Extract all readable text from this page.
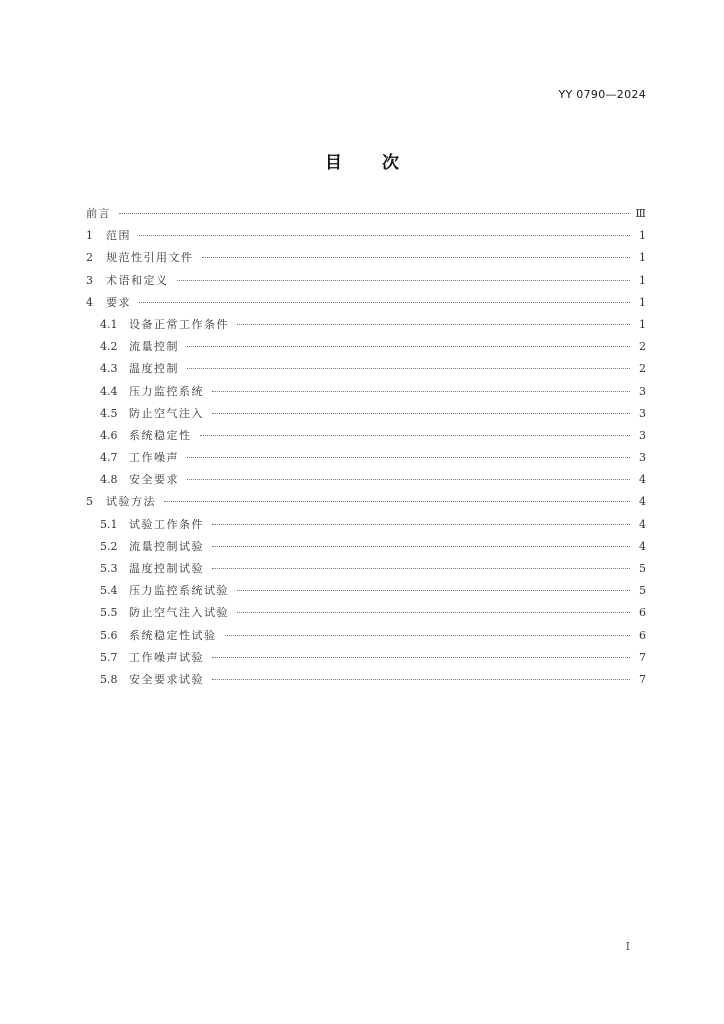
YY 0790—2024
目次
前言	Ⅲ
1	范围	1
2	规范性引用文件	1
3	术语和定义	1
4	要求	1
4.1	设备正常工作条件	1
4.2	流量控制	2
4.3	温度控制	2
4.4	压力监控系统	3
4.5	防止空气注入	3
4.6	系统稳定性	3
4.7	工作噪声	3
4.8	安全要求	4
5	试验方法	4
5.1	试验工作条件	4
5.2	流量控制试验	4
5.3	温度控制试验	5
5.4	压力监控系统试验	5
5.5	防止空气注入试验	6
5.6	系统稳定性试验	6
5.7	工作噪声试验	7
5.8	安全要求试验	7
I
